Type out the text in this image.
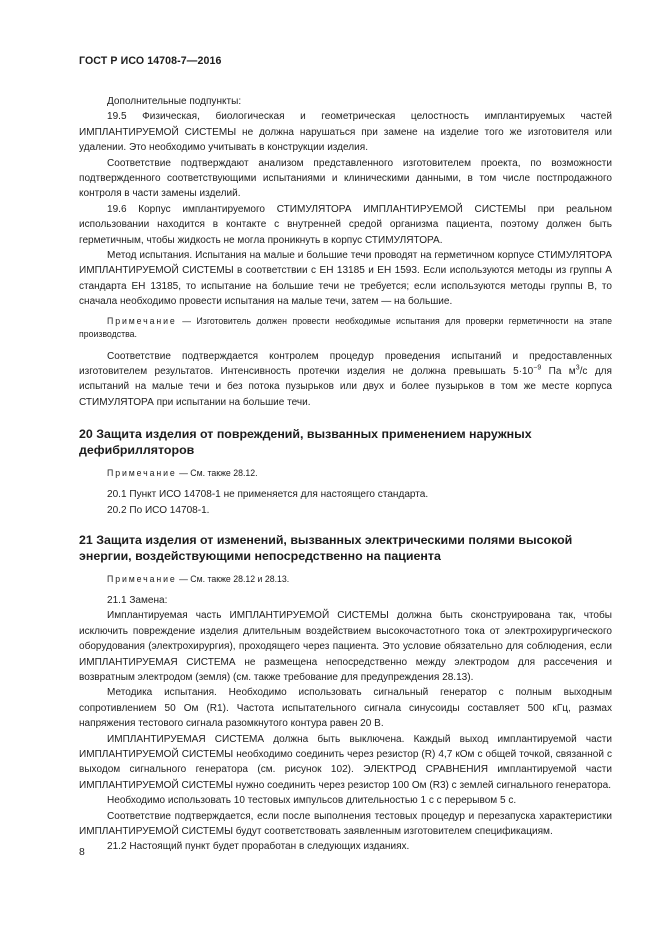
ГОСТ Р ИСО 14708-7—2016

Дополнительные подпункты:

19.5 Физическая, биологическая и геометрическая целостность имплантируемых частей ИМПЛАНТИРУЕМОЙ СИСТЕМЫ не должна нарушаться при замене на изделие того же изготовителя или удалении. Это необходимо учитывать в конструкции изделия.

Соответствие подтверждают анализом представленного изготовителем проекта, по возможности подтвержденного соответствующими испытаниями и клиническими данными, в том числе постпродажного контроля в части замены изделий.

19.6 Корпус имплантируемого СТИМУЛЯТОРА ИМПЛАНТИРУЕМОЙ СИСТЕМЫ при реальном использовании находится в контакте с внутренней средой организма пациента, поэтому должен быть герметичным, чтобы жидкость не могла проникнуть в корпус СТИМУЛЯТОРА.

Метод испытания. Испытания на малые и большие течи проводят на герметичном корпусе СТИМУЛЯТОРА ИМПЛАНТИРУЕМОЙ СИСТЕМЫ в соответствии с ЕН 13185 и ЕН 1593. Если используются методы из группы А стандарта ЕН 13185, то испытание на большие течи не требуется; если используются методы группы В, то сначала необходимо провести испытания на малые течи, затем — на большие.

Примечание — Изготовитель должен провести необходимые испытания для проверки герметичности на этапе производства.

Соответствие подтверждается контролем процедур проведения испытаний и предоставленных изготовителем результатов. Интенсивность протечки изделия не должна превышать $5\cdot 10^{-9}$ Па $м^3/с$ для испытаний на малые течи и без потока пузырьков или двух и более пузырьков в том же месте корпуса СТИМУЛЯТОРА при испытании на большие течи.

20 Защита изделия от повреждений, вызванных применением наружных дефибрилляторов

Примечание — См. также 28.12.

20.1 Пункт ИСО 14708-1 не применяется для настоящего стандарта.

20.2 По ИСО 14708-1.

21 Защита изделия от изменений, вызванных электрическими полями высокой энергии, воздействующими непосредственно на пациента

Примечание — См. также 28.12 и 28.13.

21.1 Замена:

Имплантируемая часть ИМПЛАНТИРУЕМОЙ СИСТЕМЫ должна быть сконструирована так, чтобы исключить повреждение изделия длительным воздействием высокочастотного тока от электрохирургического оборудования (электрохирургия), проходящего через пациента. Это условие обязательно для соблюдения, если ИМПЛАНТИРУЕМАЯ СИСТЕМА не размещена непосредственно между электродом для рассечения и возвратным электродом (земля) (см. также требование для предупреждения 28.13).

Методика испытания. Необходимо использовать сигнальный генератор с полным выходным сопротивлением 50 Ом (R1). Частота испытательного сигнала синусоиды составляет 500 кГц, размах напряжения тестового сигнала разомкнутого контура равен 20 В.

ИМПЛАНТИРУЕМАЯ СИСТЕМА должна быть выключена. Каждый выход имплантируемой части ИМПЛАНТИРУЕМОЙ СИСТЕМЫ необходимо соединить через резистор (R) 4,7 кОм с общей точкой, связанной с выходом сигнального генератора (см. рисунок 102). ЭЛЕКТРОД СРАВНЕНИЯ имплантируемой части ИМПЛАНТИРУЕМОЙ СИСТЕМЫ нужно соединить через резистор 100 Ом (R3) с землей сигнального генератора.

Необходимо использовать 10 тестовых импульсов длительностью 1 с с перерывом 5 с.

Соответствие подтверждается, если после выполнения тестовых процедур и перезапуска характеристики ИМПЛАНТИРУЕМОЙ СИСТЕМЫ будут соответствовать заявленным изготовителем спецификациям.

21.2 Настоящий пункт будет проработан в следующих изданиях.

8
